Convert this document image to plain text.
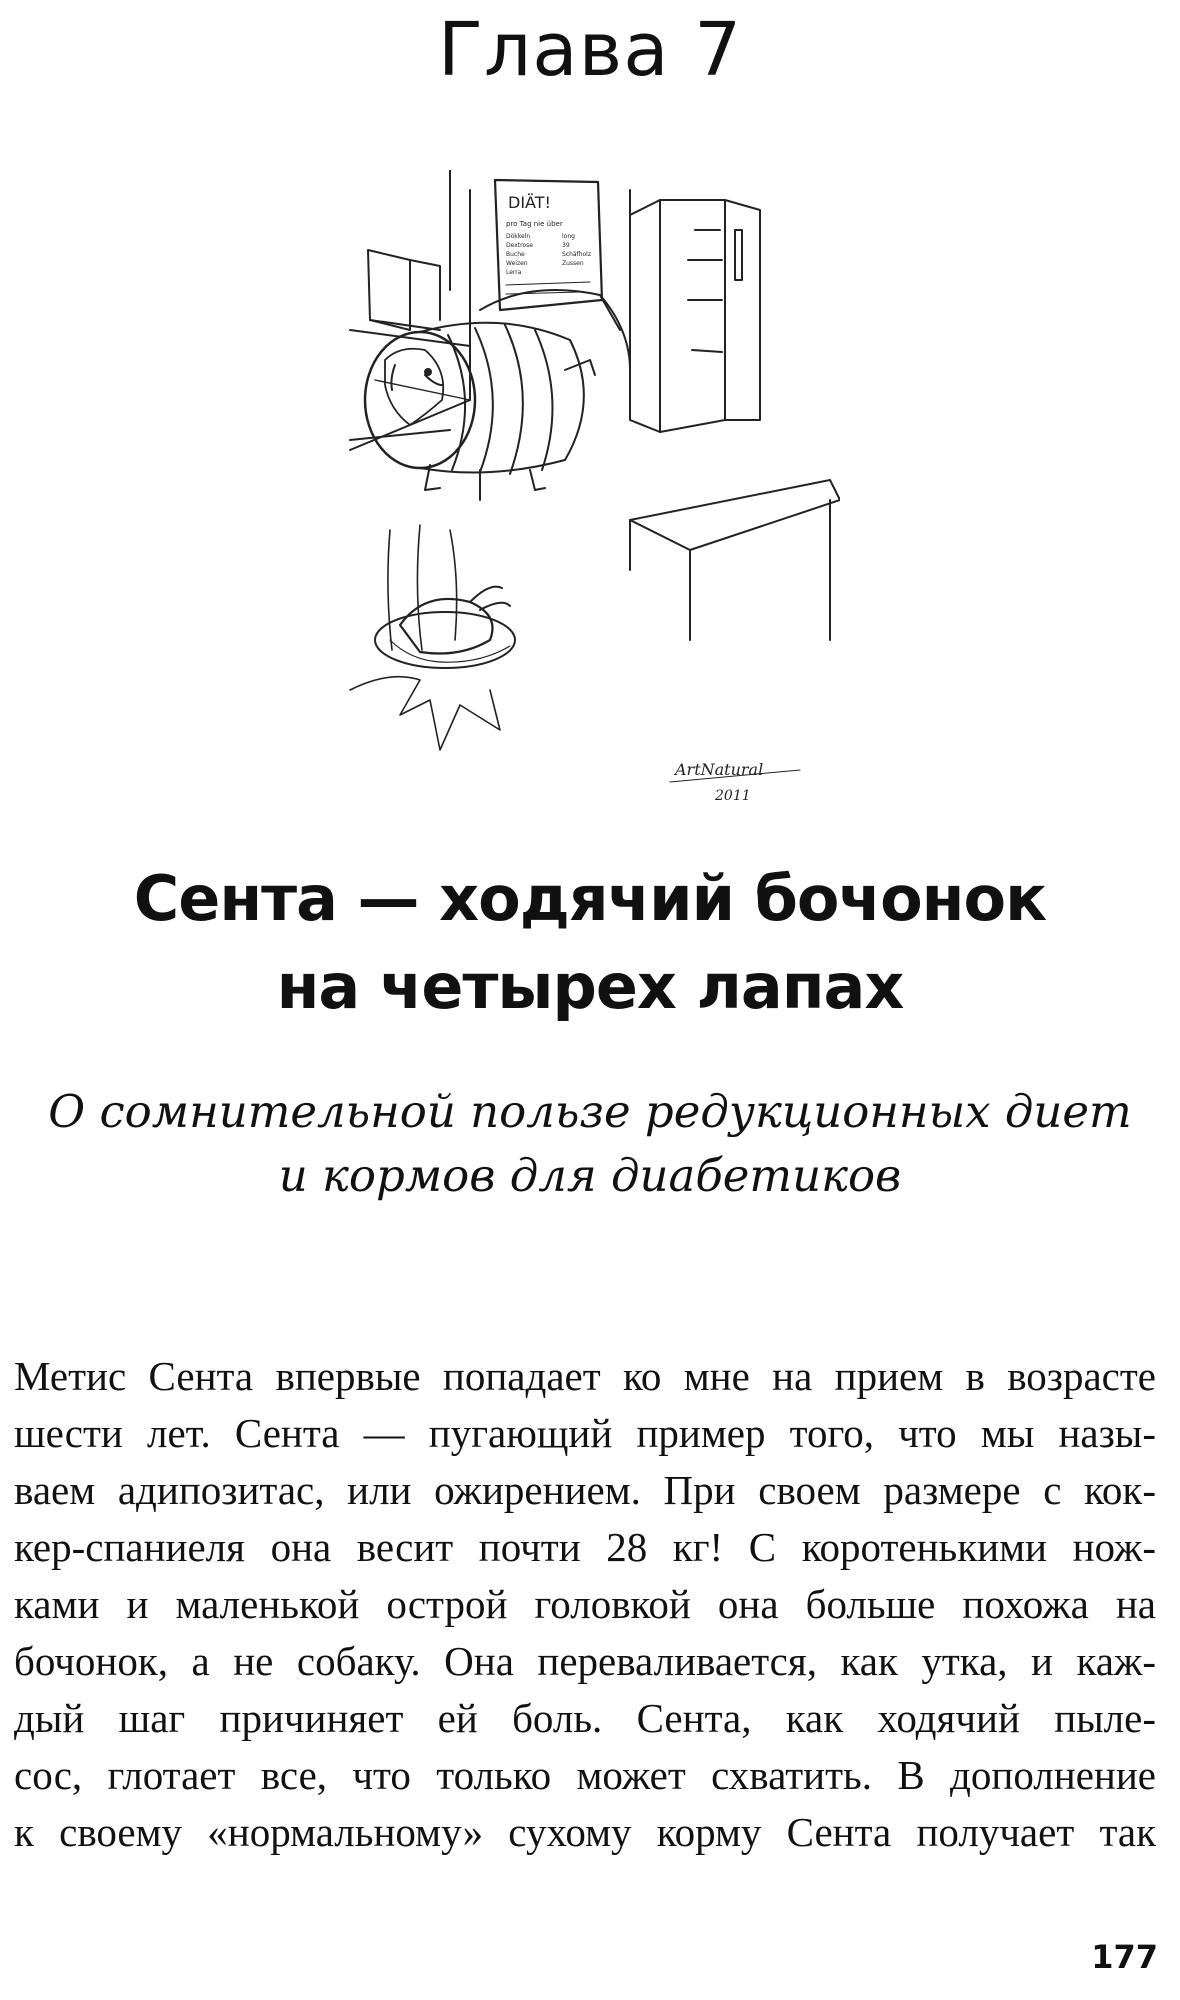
Глава 7
DIÄT!
pro Tag nie über
Dökkeln
Dextrose
Buche
Weizen
Lerra
long
39
Schäfholz
Zussen
ArtNatural
2011
Сента — ходячий бочонок
на четырех лапах
О сомнительной пользе редукционных диет
и кормов для диабетиков
Метис Сента впервые попадает ко мне на прием в возрасте
шести лет. Сента — пугающий пример того, что мы назы-
ваем адипозитас, или ожирением. При своем размере с кок-
кер-спаниеля она весит почти 28 кг! С коротенькими нож-
ками и маленькой острой головкой она больше похожа на
бочонок, а не собаку. Она переваливается, как утка, и каж-
дый шаг причиняет ей боль. Сента, как ходячий пыле-
сос, глотает все, что только может схватить. В дополнение
к своему «нормальному» сухому корму Сента получает так
177
